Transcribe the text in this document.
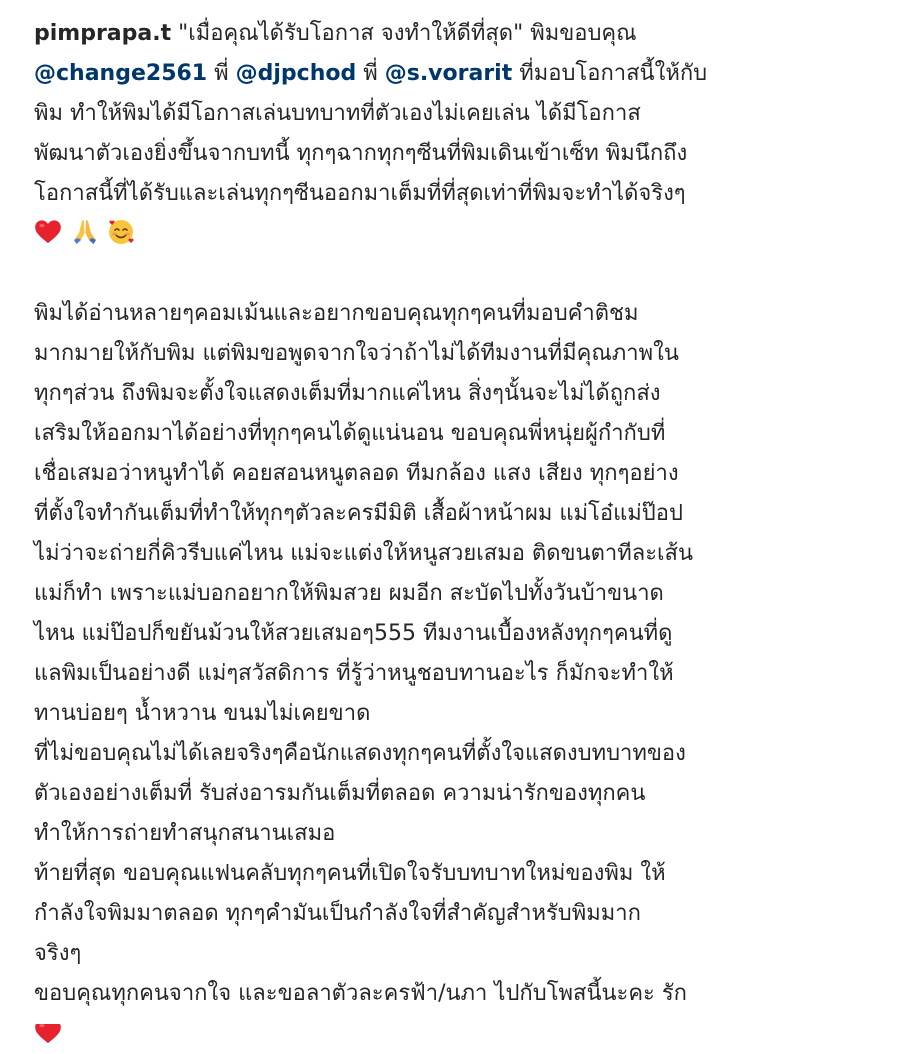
pimprapa.t "เมื่อคุณได้รับโอกาส จงทำให้ดีที่สุด" พิมขอบคุณ
@change2561 พี่ @djpchod พี่ @s.vorarit ที่มอบโอกาสนี้ให้กับ
พิม ทำให้พิมได้มีโอกาสเล่นบทบาทที่ตัวเองไม่เคยเล่น ได้มีโอกาส
พัฒนาตัวเองยิ่งขึ้นจากบทนี้ ทุกๆฉากทุกๆซีนที่พิมเดินเข้าเซ็ท พิมนึกถึง
โอกาสนี้ที่ได้รับและเล่นทุกๆซีนออกมาเต็มที่ที่สุดเท่าที่พิมจะทำได้จริงๆ
พิมได้อ่านหลายๆคอมเม้นและอยากขอบคุณทุกๆคนที่มอบคำติชม
มากมายให้กับพิม แต่พิมขอพูดจากใจว่าถ้าไม่ได้ทีมงานที่มีคุณภาพใน
ทุกๆส่วน ถึงพิมจะตั้งใจแสดงเต็มที่มากแค่ไหน สิ่งๆนั้นจะไม่ได้ถูกส่ง
เสริมให้ออกมาได้อย่างที่ทุกๆคนได้ดูแน่นอน ขอบคุณพี่หนุ่ยผู้กำกับที่
เชื่อเสมอว่าหนูทำได้ คอยสอนหนูตลอด ทีมกล้อง แสง เสียง ทุกๆอย่าง
ที่ตั้งใจทำกันเต็มที่ทำให้ทุกๆตัวละครมีมิติ เสื้อผ้าหน้าผม แม่โอ๋แม่ป๊อป
ไม่ว่าจะถ่ายกี่คิวรีบแค่ไหน แม่จะแต่งให้หนูสวยเสมอ ติดขนตาทีละเส้น
แม่ก็ทำ เพราะแม่บอกอยากให้พิมสวย ผมอีก สะบัดไปทั้งวันบ้าขนาด
ไหน แม่ป๊อปก็ขยันม้วนให้สวยเสมอๆ555 ทีมงานเบื้องหลังทุกๆคนที่ดู
แลพิมเป็นอย่างดี แม่ๆสวัสดิการ ที่รู้ว่าหนูชอบทานอะไร ก็มักจะทำให้
ทานบ่อยๆ น้ำหวาน ขนมไม่เคยขาด
ที่ไม่ขอบคุณไม่ได้เลยจริงๆคือนักแสดงทุกๆคนที่ตั้งใจแสดงบทบาทของ
ตัวเองอย่างเต็มที่ รับส่งอารมกันเต็มที่ตลอด ความน่ารักของทุกคน
ทำให้การถ่ายทำสนุกสนานเสมอ
ท้ายที่สุด ขอบคุณแฟนคลับทุกๆคนที่เปิดใจรับบทบาทใหม่ของพิม ให้
กำลังใจพิมมาตลอด ทุกๆคำมันเป็นกำลังใจที่สำคัญสำหรับพิมมาก
จริงๆ
ขอบคุณทุกคนจากใจ และขอลาตัวละครฟ้า/นภา ไปกับโพสนี้นะคะ รัก
